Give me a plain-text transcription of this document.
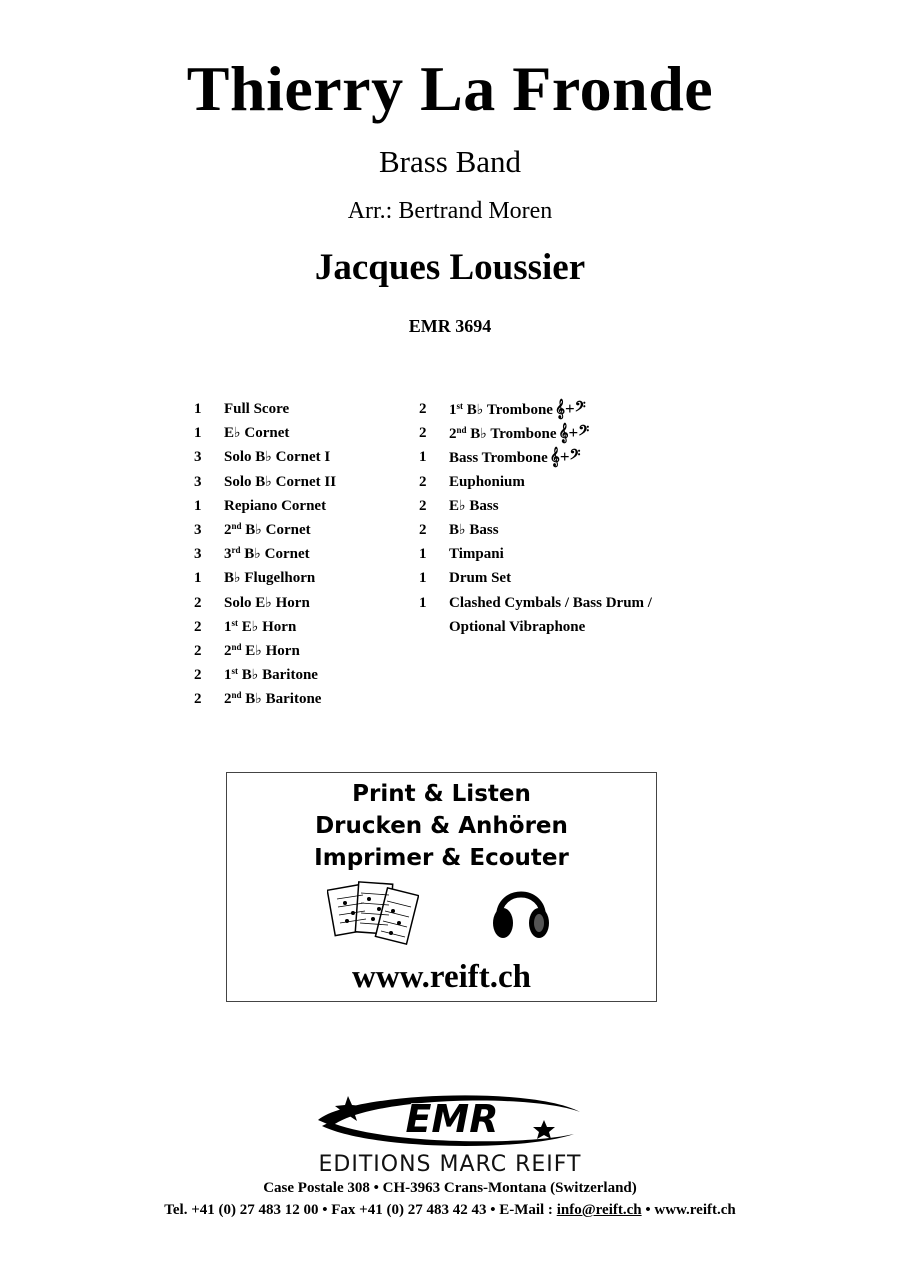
Thierry La Fronde
Brass Band
Arr.: Bertrand Moren
Jacques Loussier
EMR 3694
1	Full Score
1	E♭ Cornet
3	Solo B♭ Cornet I
3	Solo B♭ Cornet II
1	Repiano Cornet
3	2nd B♭ Cornet
3	3rd B♭ Cornet
1	B♭ Flugelhorn
2	Solo E♭ Horn
2	1st E♭ Horn
2	2nd E♭ Horn
2	1st B♭ Baritone
2	2nd B♭ Baritone
2	1st B♭ Trombone 𝄞+𝄢
2	2nd B♭ Trombone 𝄞+𝄢
1	Bass Trombone 𝄞+𝄢
2	Euphonium
2	E♭ Bass
2	B♭ Bass
1	Timpani
1	Drum Set
1	Clashed Cymbals / Bass Drum /
Optional Vibraphone
Print & Listen
Drucken & Anhören
Imprimer & Ecouter
www.reift.ch
EMR
EDITIONS MARC REIFT
Case Postale 308 • CH-3963 Crans-Montana (Switzerland)
Tel. +41 (0) 27 483 12 00 • Fax +41 (0) 27 483 42 43 • E-Mail : info@reift.ch • www.reift.ch
